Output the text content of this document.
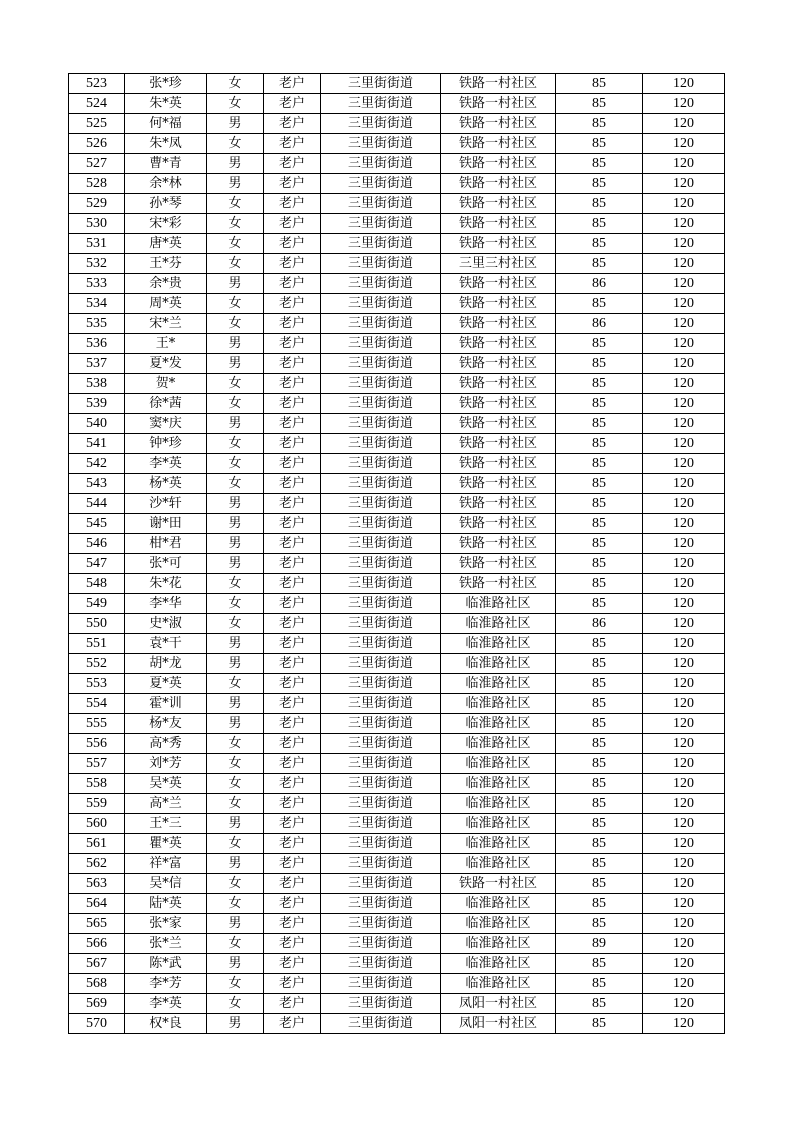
523	张*珍	女	老户	三里街街道	铁路一村社区	85	120
524	朱*英	女	老户	三里街街道	铁路一村社区	85	120
525	何*福	男	老户	三里街街道	铁路一村社区	85	120
526	朱*凤	女	老户	三里街街道	铁路一村社区	85	120
527	曹*青	男	老户	三里街街道	铁路一村社区	85	120
528	余*林	男	老户	三里街街道	铁路一村社区	85	120
529	孙*琴	女	老户	三里街街道	铁路一村社区	85	120
530	宋*彩	女	老户	三里街街道	铁路一村社区	85	120
531	唐*英	女	老户	三里街街道	铁路一村社区	85	120
532	王*芬	女	老户	三里街街道	三里三村社区	85	120
533	余*贵	男	老户	三里街街道	铁路一村社区	86	120
534	周*英	女	老户	三里街街道	铁路一村社区	85	120
535	宋*兰	女	老户	三里街街道	铁路一村社区	86	120
536	王*	男	老户	三里街街道	铁路一村社区	85	120
537	夏*发	男	老户	三里街街道	铁路一村社区	85	120
538	贺*	女	老户	三里街街道	铁路一村社区	85	120
539	徐*茜	女	老户	三里街街道	铁路一村社区	85	120
540	窦*庆	男	老户	三里街街道	铁路一村社区	85	120
541	钟*珍	女	老户	三里街街道	铁路一村社区	85	120
542	李*英	女	老户	三里街街道	铁路一村社区	85	120
543	杨*英	女	老户	三里街街道	铁路一村社区	85	120
544	沙*轩	男	老户	三里街街道	铁路一村社区	85	120
545	谢*田	男	老户	三里街街道	铁路一村社区	85	120
546	柑*君	男	老户	三里街街道	铁路一村社区	85	120
547	张*可	男	老户	三里街街道	铁路一村社区	85	120
548	朱*花	女	老户	三里街街道	铁路一村社区	85	120
549	李*华	女	老户	三里街街道	临淮路社区	85	120
550	史*淑	女	老户	三里街街道	临淮路社区	86	120
551	袁*干	男	老户	三里街街道	临淮路社区	85	120
552	胡*龙	男	老户	三里街街道	临淮路社区	85	120
553	夏*英	女	老户	三里街街道	临淮路社区	85	120
554	霍*训	男	老户	三里街街道	临淮路社区	85	120
555	杨*友	男	老户	三里街街道	临淮路社区	85	120
556	高*秀	女	老户	三里街街道	临淮路社区	85	120
557	刘*芳	女	老户	三里街街道	临淮路社区	85	120
558	吴*英	女	老户	三里街街道	临淮路社区	85	120
559	高*兰	女	老户	三里街街道	临淮路社区	85	120
560	王*三	男	老户	三里街街道	临淮路社区	85	120
561	瞿*英	女	老户	三里街街道	临淮路社区	85	120
562	祥*富	男	老户	三里街街道	临淮路社区	85	120
563	吴*信	女	老户	三里街街道	铁路一村社区	85	120
564	陆*英	女	老户	三里街街道	临淮路社区	85	120
565	张*家	男	老户	三里街街道	临淮路社区	85	120
566	张*兰	女	老户	三里街街道	临淮路社区	89	120
567	陈*武	男	老户	三里街街道	临淮路社区	85	120
568	李*芳	女	老户	三里街街道	临淮路社区	85	120
569	李*英	女	老户	三里街街道	凤阳一村社区	85	120
570	权*良	男	老户	三里街街道	凤阳一村社区	85	120
